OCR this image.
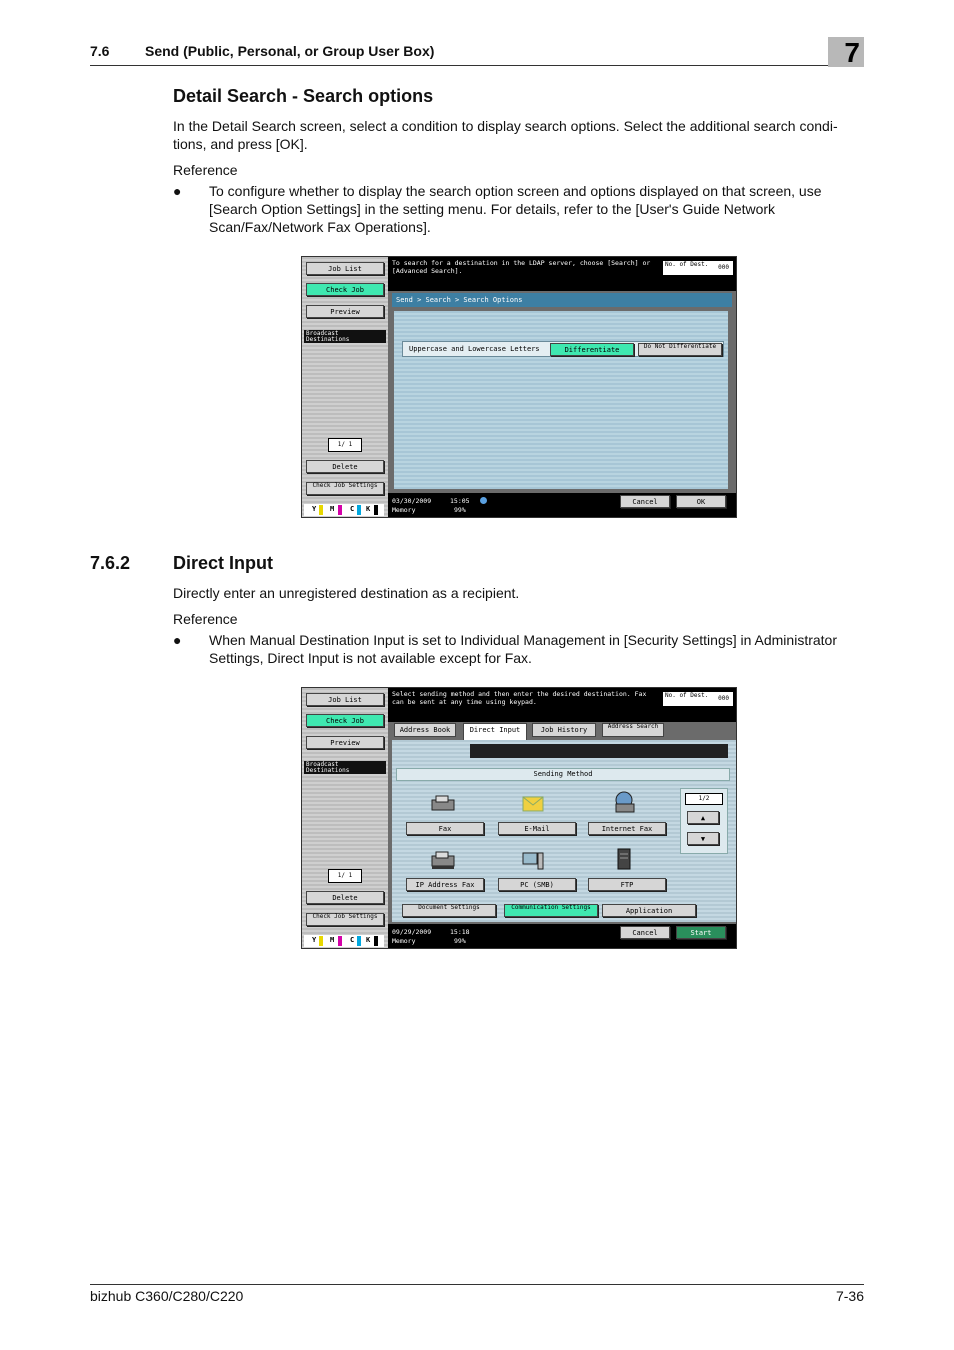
7.6	Send (Public, Personal, or Group User Box)	7
Detail Search - Search options

In the Detail Search screen, select a condition to display search options. Select the additional search condi- tions, and press [OK].

Reference

● To configure whether to display the search option screen and options displayed on that screen, use [Search Option Settings] in the setting menu. For details, refer to the [User's Guide Network Scan/Fax/Network Fax Operations].
Job List
Check Job
Preview
Broadcast Destinations
1/ 1
Delete
Check Job Settings
Y M C K
To search for a destination in the LDAP server, choose [Search] or [Advanced Search].
No. of Dest. 000
Send > Search > Search Options
Uppercase and Lowercase Letters	Differentiate	Do Not Differentiate
03/30/2009	15:05
Memory	99%
Cancel	OK
7.6.2 Direct Input

Directly enter an unregistered destination as a recipient.

Reference

● When Manual Destination Input is set to Individual Management in [Security Settings] in Administrator Settings, Direct Input is not available except for Fax.
Job List
Check Job
Preview
Broadcast Destinations
1/ 1
Delete
Check Job Settings
Y M C K
Select sending method and then enter the desired destination. Fax can be sent at any time using keypad.
No. of Dest. 000
Address Book	Direct Input	Job History	Address Search
Sending Method
Fax	E-Mail	Internet Fax
IP Address Fax	PC (SMB)	FTP
1/2
▲
▼
Document Settings	Communication Settings	Application
09/29/2009	15:18
Memory	99%
Cancel	Start

bizhub C360/C280/C220	7-36
